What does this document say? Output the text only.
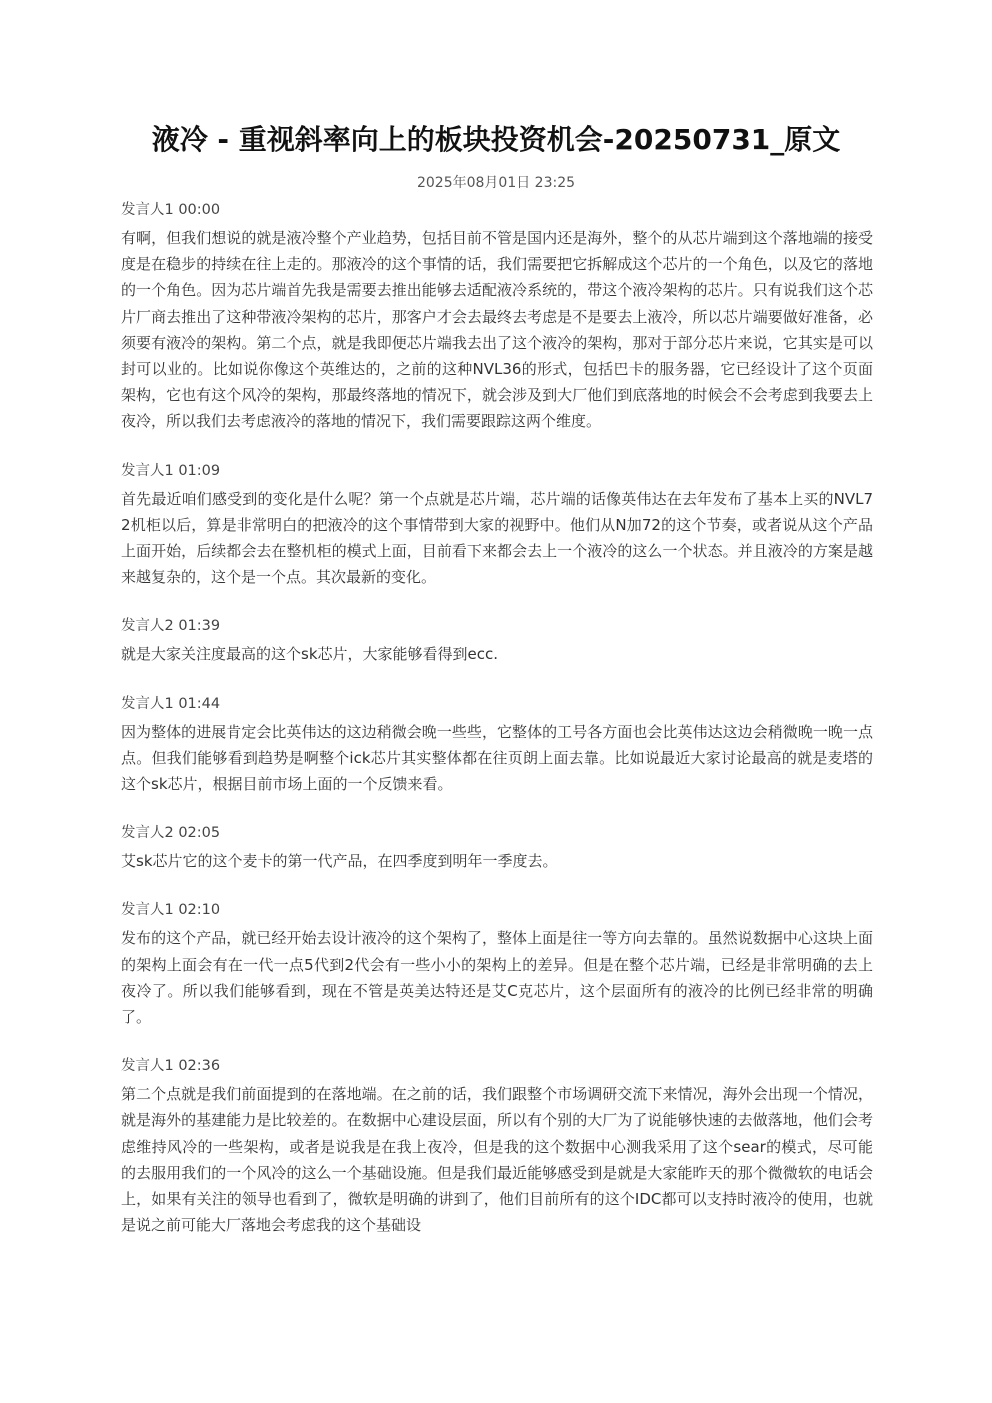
液冷 - 重视斜率向上的板块投资机会-20250731_原文
2025年08月01日 23:25
发言人1 00:00

有啊，但我们想说的就是液冷整个产业趋势，包括目前不管是国内还是海外，整个的从芯片端到这个落地端的接受度是在稳步的持续在往上走的。那液冷的这个事情的话，我们需要把它拆解成这个芯片的一个角色，以及它的落地的一个角色。因为芯片端首先我是需要去推出能够去适配液冷系统的，带这个液冷架构的芯片。只有说我们这个芯片厂商去推出了这种带液冷架构的芯片，那客户才会去最终去考虑是不是要去上液冷，所以芯片端要做好准备，必须要有液冷的架构。第二个点，就是我即便芯片端我去出了这个液冷的架构，那对于部分芯片来说，它其实是可以封可以业的。比如说你像这个英维达的，之前的这种NVL36的形式，包括巴卡的服务器，它已经设计了这个页面架构，它也有这个风冷的架构，那最终落地的情况下，就会涉及到大厂他们到底落地的时候会不会考虑到我要去上夜冷，所以我们去考虑液冷的落地的情况下，我们需要跟踪这两个维度。

发言人1 01:09

首先最近咱们感受到的变化是什么呢？第一个点就是芯片端，芯片端的话像英伟达在去年发布了基本上买的NVL72机柜以后，算是非常明白的把液冷的这个事情带到大家的视野中。他们从N加72的这个节奏，或者说从这个产品上面开始，后续都会去在整机柜的模式上面，目前看下来都会去上一个液冷的这么一个状态。并且液冷的方案是越来越复杂的，这个是一个点。其次最新的变化。

发言人2 01:39

就是大家关注度最高的这个sk芯片，大家能够看得到ecc.

发言人1 01:44

因为整体的进展肯定会比英伟达的这边稍微会晚一些些，它整体的工号各方面也会比英伟达这边会稍微晚一晚一点点。但我们能够看到趋势是啊整个ick芯片其实整体都在往页朗上面去靠。比如说最近大家讨论最高的就是麦塔的这个sk芯片，根据目前市场上面的一个反馈来看。

发言人2 02:05

艾sk芯片它的这个麦卡的第一代产品，在四季度到明年一季度去。

发言人1 02:10

发布的这个产品，就已经开始去设计液冷的这个架构了，整体上面是往一等方向去靠的。虽然说数据中心这块上面的架构上面会有在一代一点5代到2代会有一些小小的架构上的差异。但是在整个芯片端，已经是非常明确的去上夜冷了。所以我们能够看到，现在不管是英美达特还是艾C克芯片，这个层面所有的液冷的比例已经非常的明确了。

发言人1 02:36

第二个点就是我们前面提到的在落地端。在之前的话，我们跟整个市场调研交流下来情况，海外会出现一个情况，就是海外的基建能力是比较差的。在数据中心建设层面，所以有个别的大厂为了说能够快速的去做落地，他们会考虑维持风冷的一些架构，或者是说我是在我上夜冷，但是我的这个数据中心测我采用了这个sear的模式，尽可能的去服用我们的一个风冷的这么一个基础设施。但是我们最近能够感受到是就是大家能昨天的那个微微软的电话会上，如果有关注的领导也看到了，微软是明确的讲到了，他们目前所有的这个IDC都可以支持时液冷的使用，也就是说之前可能大厂落地会考虑我的这个基础设
